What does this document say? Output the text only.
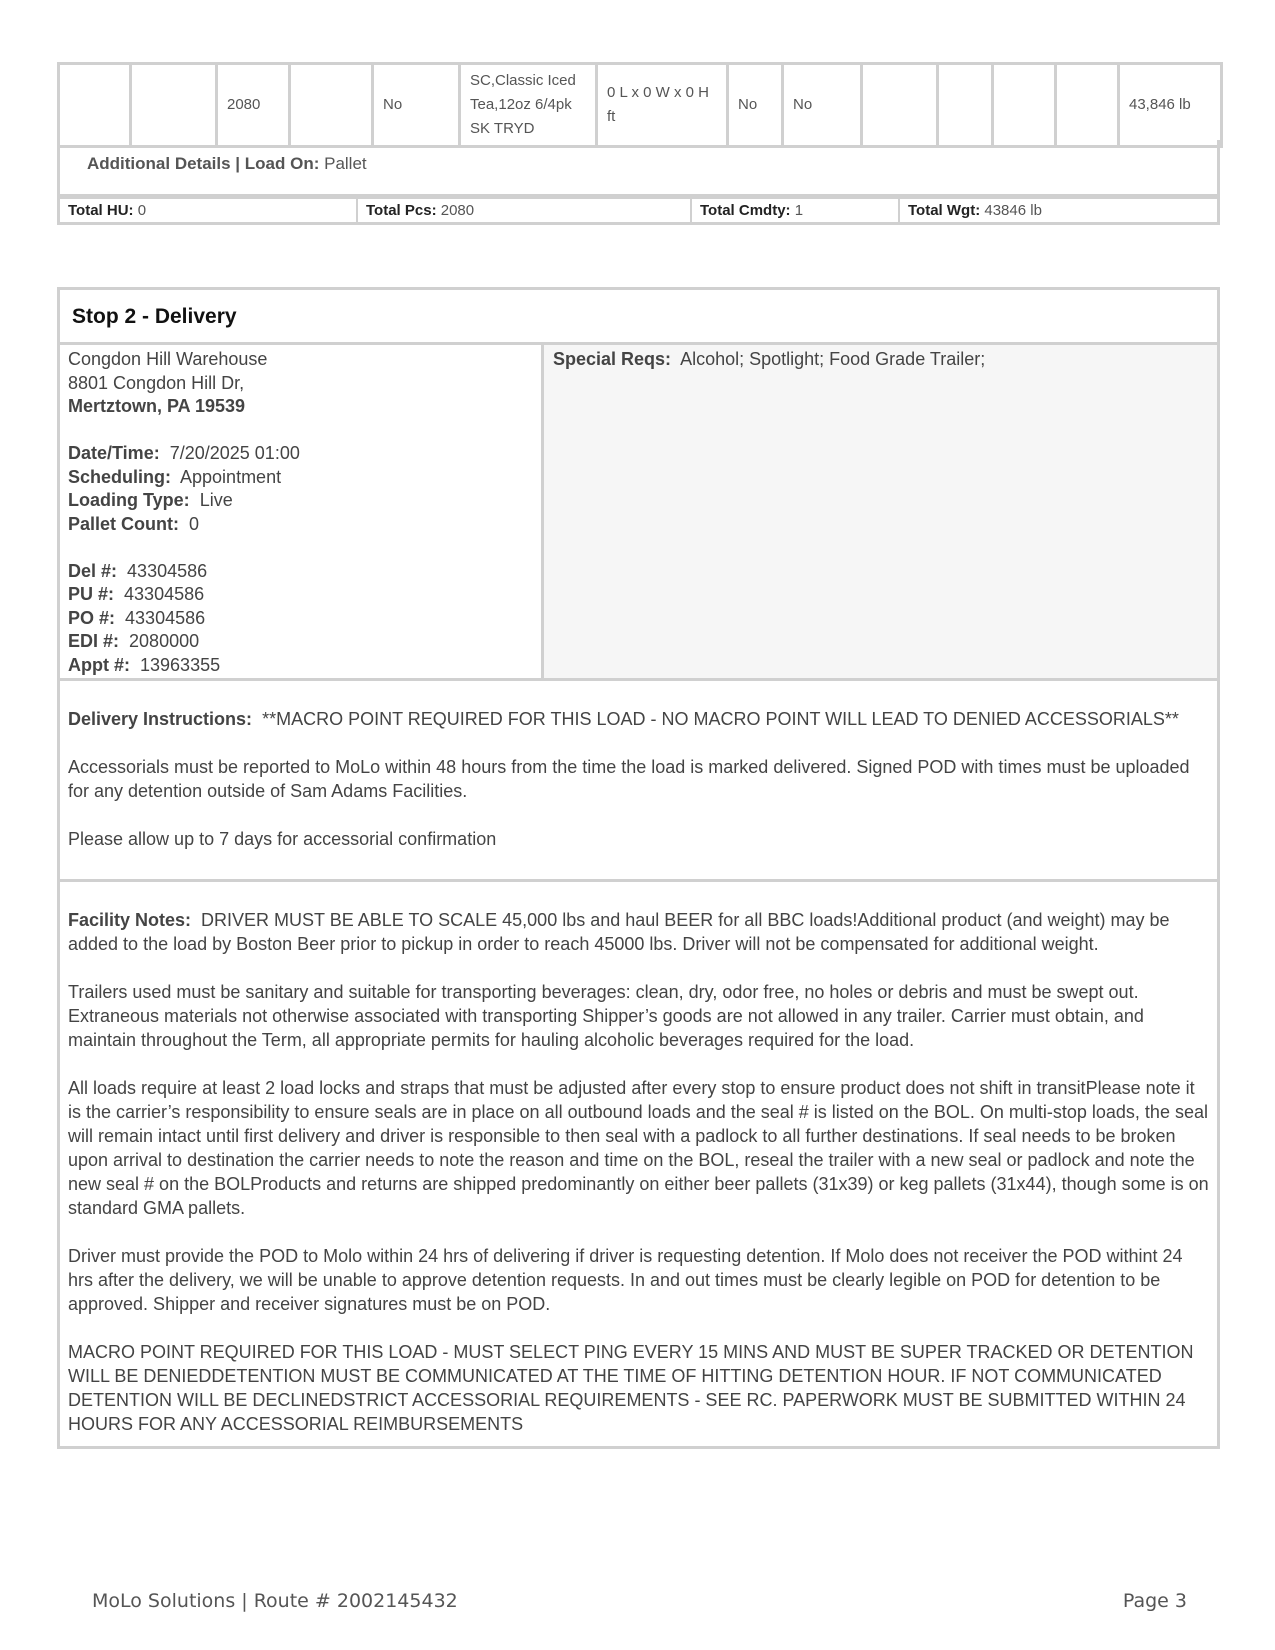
		2080		No	SC,Classic Iced Tea,12oz 6/4pk SK TRYD	0 L x 0 W x 0 H ft	No	No					43,846 lb
Additional Details | Load On: Pallet
Total HU: 0	Total Pcs: 2080	Total Cmdty: 1	Total Wgt: 43846 lb
Stop 2 - Delivery
Congdon Hill Warehouse
8801 Congdon Hill Dr,
Mertztown, PA 19539
Date/Time: 7/20/2025 01:00
Scheduling: Appointment
Loading Type: Live
Pallet Count: 0
Del #: 43304586
PU #: 43304586
PO #: 43304586
EDI #: 2080000
Appt #: 13963355
Special Reqs: Alcohol; Spotlight; Food Grade Trailer;

Delivery Instructions: **MACRO POINT REQUIRED FOR THIS LOAD - NO MACRO POINT WILL LEAD TO DENIED ACCESSORIALS**

Accessorials must be reported to MoLo within 48 hours from the time the load is marked delivered. Signed POD with times must be uploaded for any detention outside of Sam Adams Facilities.

Please allow up to 7 days for accessorial confirmation

Facility Notes: DRIVER MUST BE ABLE TO SCALE 45,000 lbs and haul BEER for all BBC loads!Additional product (and weight) may be added to the load by Boston Beer prior to pickup in order to reach 45000 lbs. Driver will not be compensated for additional weight.

Trailers used must be sanitary and suitable for transporting beverages: clean, dry, odor free, no holes or debris and must be swept out. Extraneous materials not otherwise associated with transporting Shipper’s goods are not allowed in any trailer. Carrier must obtain, and maintain throughout the Term, all appropriate permits for hauling alcoholic beverages required for the load.

All loads require at least 2 load locks and straps that must be adjusted after every stop to ensure product does not shift in transitPlease note it is the carrier’s responsibility to ensure seals are in place on all outbound loads and the seal # is listed on the BOL. On multi-stop loads, the seal will remain intact until first delivery and driver is responsible to then seal with a padlock to all further destinations. If seal needs to be broken upon arrival to destination the carrier needs to note the reason and time on the BOL, reseal the trailer with a new seal or padlock and note the new seal # on the BOLProducts and returns are shipped predominantly on either beer pallets (31x39) or keg pallets (31x44), though some is on standard GMA pallets.

Driver must provide the POD to Molo within 24 hrs of delivering if driver is requesting detention. If Molo does not receiver the POD withint 24 hrs after the delivery, we will be unable to approve detention requests. In and out times must be clearly legible on POD for detention to be approved. Shipper and receiver signatures must be on POD.

MACRO POINT REQUIRED FOR THIS LOAD - MUST SELECT PING EVERY 15 MINS AND MUST BE SUPER TRACKED OR DETENTION WILL BE DENIEDDETENTION MUST BE COMMUNICATED AT THE TIME OF HITTING DETENTION HOUR. IF NOT COMMUNICATED DETENTION WILL BE DECLINEDSTRICT ACCESSORIAL REQUIREMENTS - SEE RC. PAPERWORK MUST BE SUBMITTED WITHIN 24 HOURS FOR ANY ACCESSORIAL REIMBURSEMENTS

MoLo Solutions | Route # 2002145432	Page 3
